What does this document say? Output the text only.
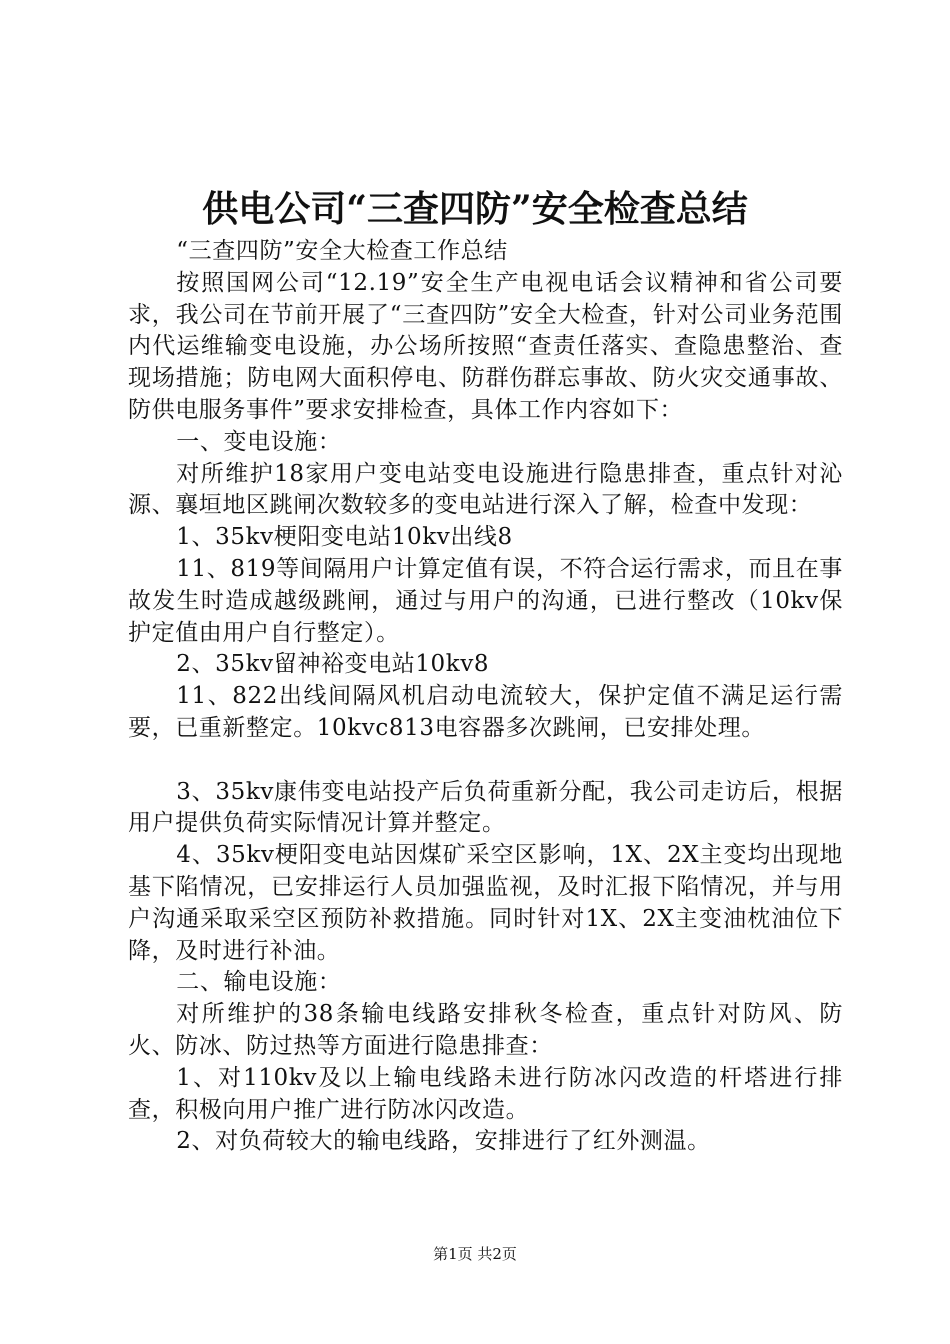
供电公司“三查四防”安全检查总结

“三查四防”安全大检查工作总结

按照国网公司“12.19”安全生产电视电话会议精神和省公司要求，我公司在节前开展了“三查四防”安全大检查，针对公司业务范围内代运维输变电设施，办公场所按照“查责任落实、查隐患整治、查现场措施；防电网大面积停电、防群伤群忘事故、防火灾交通事故、防供电服务事件”要求安排检查，具体工作内容如下：

一、变电设施：

对所维护18家用户变电站变电设施进行隐患排查，重点针对沁源、襄垣地区跳闸次数较多的变电站进行深入了解，检查中发现：

1、35kv梗阳变电站10kv出线8

11、819等间隔用户计算定值有误，不符合运行需求，而且在事故发生时造成越级跳闸，通过与用户的沟通，已进行整改（10kv保护定值由用户自行整定）。

2、35kv留神裕变电站10kv8

11、822出线间隔风机启动电流较大，保护定值不满足运行需要，已重新整定。10kvc813电容器多次跳闸，已安排处理。

3、35kv康伟变电站投产后负荷重新分配，我公司走访后，根据用户提供负荷实际情况计算并整定。

4、35kv梗阳变电站因煤矿采空区影响，1X、2X主变均出现地基下陷情况，已安排运行人员加强监视，及时汇报下陷情况，并与用户沟通采取采空区预防补救措施。同时针对1X、2X主变油枕油位下降，及时进行补油。

二、输电设施：

对所维护的38条输电线路安排秋冬检查，重点针对防风、防火、防冰、防过热等方面进行隐患排查：

1、对110kv及以上输电线路未进行防冰闪改造的杆塔进行排查，积极向用户推广进行防冰闪改造。

2、对负荷较大的输电线路，安排进行了红外测温。

第1页 共2页
